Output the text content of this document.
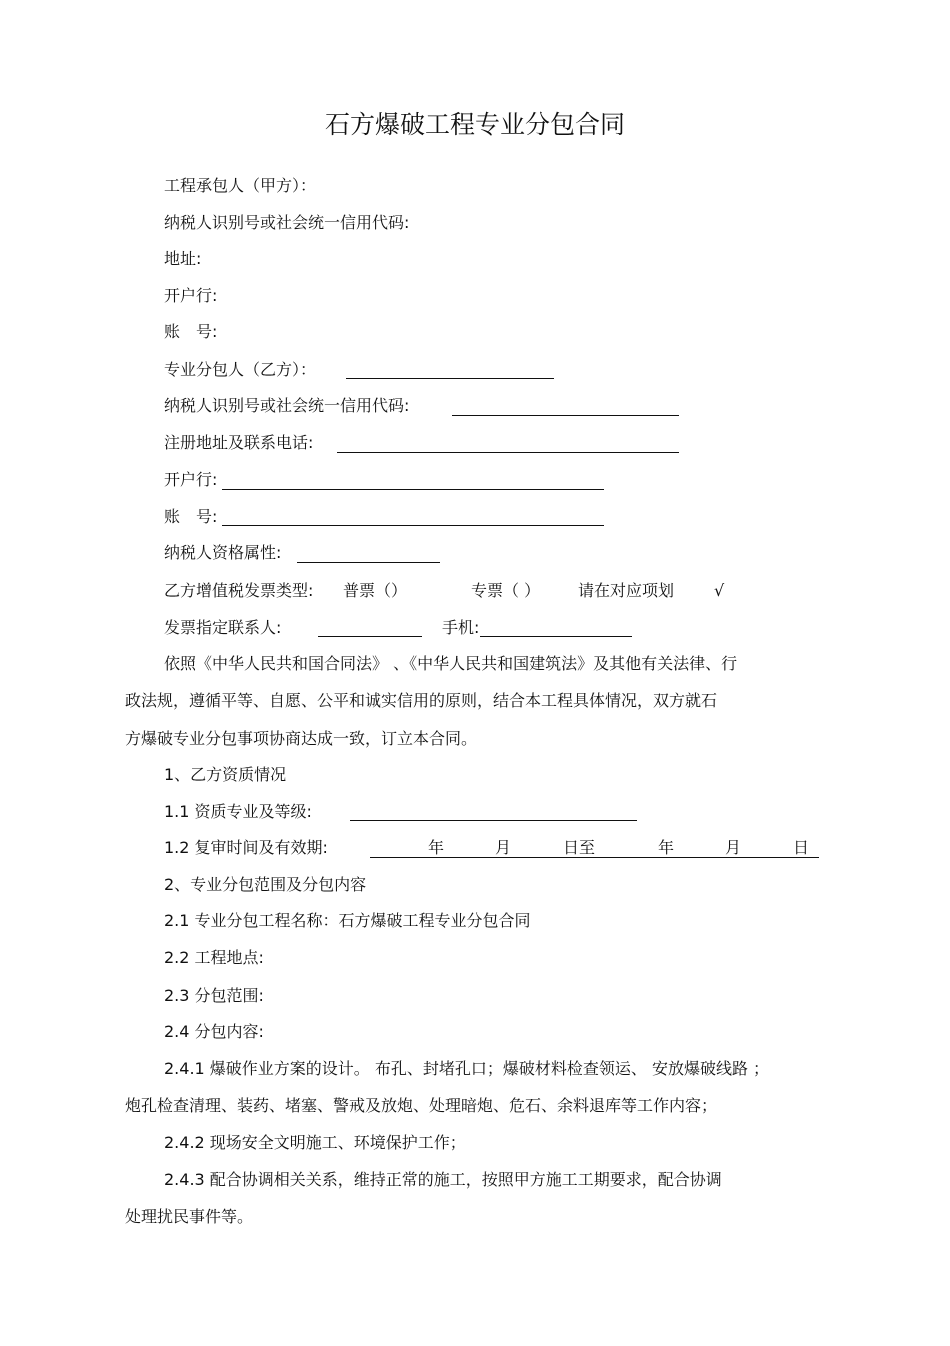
石方爆破工程专业分包合同
工程承包人（甲方）：
纳税人识别号或社会统一信用代码:
地址:
开户行:
账　号:
专业分包人（乙方）：
纳税人识别号或社会统一信用代码:
注册地址及联系电话:
开户行:
账　号:
纳税人资格属性:
乙方增值税发票类型: 普票（）	专票（ ） 请在对应项划 √
发票指定联系人:	手机:
依照《中华人民共和国合同法》 、《中华人民共和国建筑法》及其他有关法律、行
政法规，遵循平等、自愿、公平和诚实信用的原则，结合本工程具体情况，双方就石
方爆破专业分包事项协商达成一致，订立本合同。
1、乙方资质情况
1.1 资质专业及等级:
1.2 复审时间及有效期:	年	月	日至	年	月	日
2、专业分包范围及分包内容
2.1 专业分包工程名称：石方爆破工程专业分包合同
2.2 工程地点:
2.3 分包范围:
2.4 分包内容:
2.4.1 爆破作业方案的设计。 布孔、封堵孔口；爆破材料检查领运、 安放爆破线路 ；
炮孔检查清理、装药、堵塞、警戒及放炮、处理暗炮、危石、余料退库等工作内容；
2.4.2 现场安全文明施工、环境保护工作；
2.4.3 配合协调相关关系，维持正常的施工，按照甲方施工工期要求，配合协调
处理扰民事件等。
